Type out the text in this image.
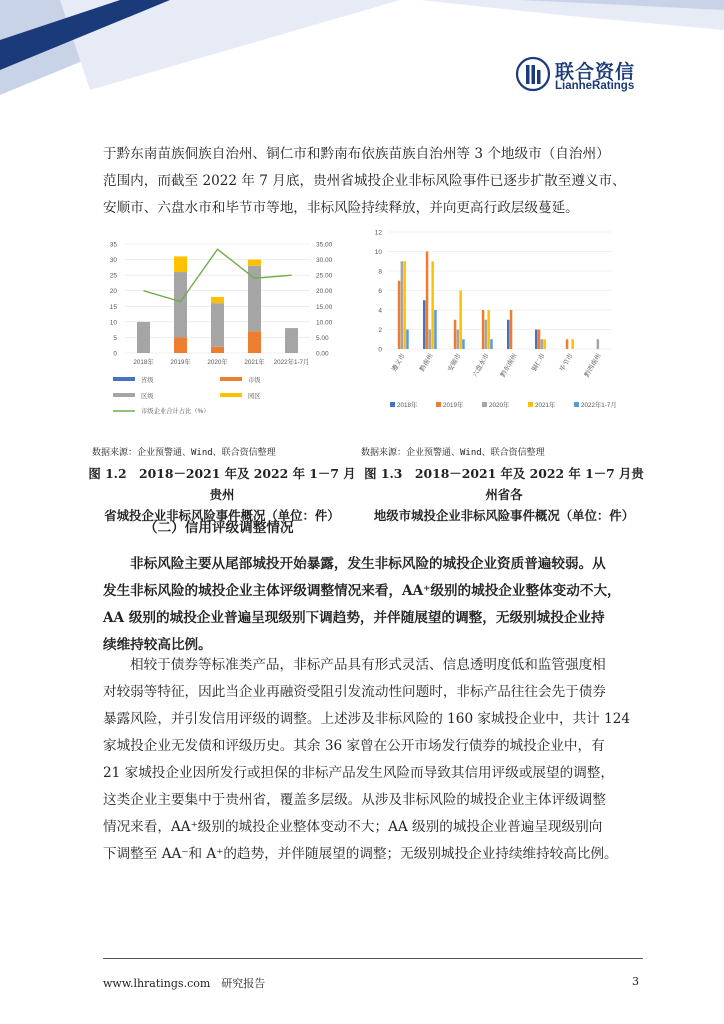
联合资信
LianheRatings
于黔东南苗族侗族自治州、铜仁市和黔南布依族苗族自治州等 3 个地级市（自治州）
范围内，而截至 2022 年 7 月底，贵州省城投企业非标风险事件已逐步扩散至遵义市、
安顺市、六盘水市和毕节市等地，非标风险持续释放，并向更高行政层级蔓延。
0
5
10
15
20
25
30
35
0.00
5.00
10.00
15.00
20.00
25.00
30.00
35.00
2018年	2019年	2020年	2021年 2022年1-7月
省级	市级
区级	园区
市级企业合计占比（%）
0
2
4
6
8
10
12
遵义市 黔南州 安顺市 六盘水市 黔东南州 铜仁市 毕节市 黔西南州
2018年	2019年	2020年	2021年	2022年1-7月
数据来源：企业预警通、Wind、联合资信整理	数据来源：企业预警通、Wind、联合资信整理
图 1.2　2018－2021 年及 2022 年 1－7 月贵州
省城投企业非标风险事件概况（单位：件）
图 1.3　2018－2021 年及 2022 年 1－7 月贵州省各
地级市城投企业非标风险事件概况（单位：件）
（二）信用评级调整情况
非标风险主要从尾部城投开始暴露，发生非标风险的城投企业资质普遍较弱。从
发生非标风险的城投企业主体评级调整情况来看，AA⁺级别的城投企业整体变动不大，
AA 级别的城投企业普遍呈现级别下调趋势，并伴随展望的调整，无级别城投企业持
续维持较高比例。
相较于债券等标准类产品，非标产品具有形式灵活、信息透明度低和监管强度相
对较弱等特征，因此当企业再融资受阻引发流动性问题时，非标产品往往会先于债券
暴露风险，并引发信用评级的调整。上述涉及非标风险的 160 家城投企业中，共计 124
家城投企业无发债和评级历史。其余 36 家曾在公开市场发行债券的城投企业中，有
21 家城投企业因所发行或担保的非标产品发生风险而导致其信用评级或展望的调整，
这类企业主要集中于贵州省，覆盖多层级。从涉及非标风险的城投企业主体评级调整
情况来看，AA⁺级别的城投企业整体变动不大；AA 级别的城投企业普遍呈现级别向
下调整至 AA⁻和 A⁺的趋势，并伴随展望的调整；无级别城投企业持续维持较高比例。
www.lhratings.com　研究报告	3
